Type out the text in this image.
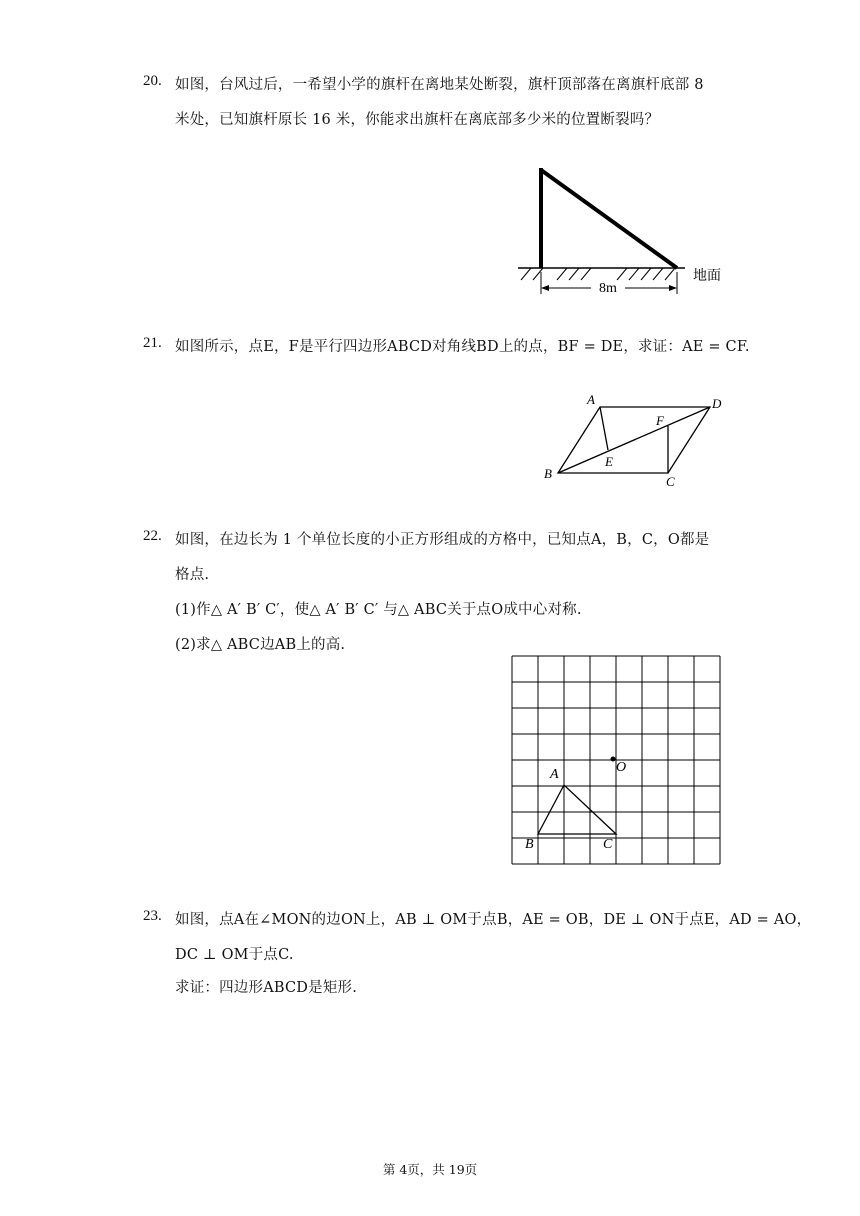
20. 如图，台风过后，一希望小学的旗杆在离地某处断裂，旗杆顶部落在离旗杆底部 8
米处，已知旗杆原长 16 米，你能求出旗杆在离底部多少米的位置断裂吗？
8m
地面
21. 如图所示，点E，F是平行四边形ABCD对角线BD上的点，BF = DE，求证：AE = CF.
A	D
F
E
B
C
22. 如图，在边长为 1 个单位长度的小正方形组成的方格中，已知点A，B，C，O都是
格点.
(1)作△ A′ B′ C′，使△ A′ B′ C′ 与△ ABC关于点O成中心对称.
(2)求△ ABC边AB上的高.
A	O
B	C
23. 如图，点A在∠MON的边ON上，AB ⊥ OM于点B，AE = OB，DE ⊥ ON于点E，AD = AO，
DC ⊥ OM于点C.
求证：四边形ABCD是矩形.
第 4页，共 19页
